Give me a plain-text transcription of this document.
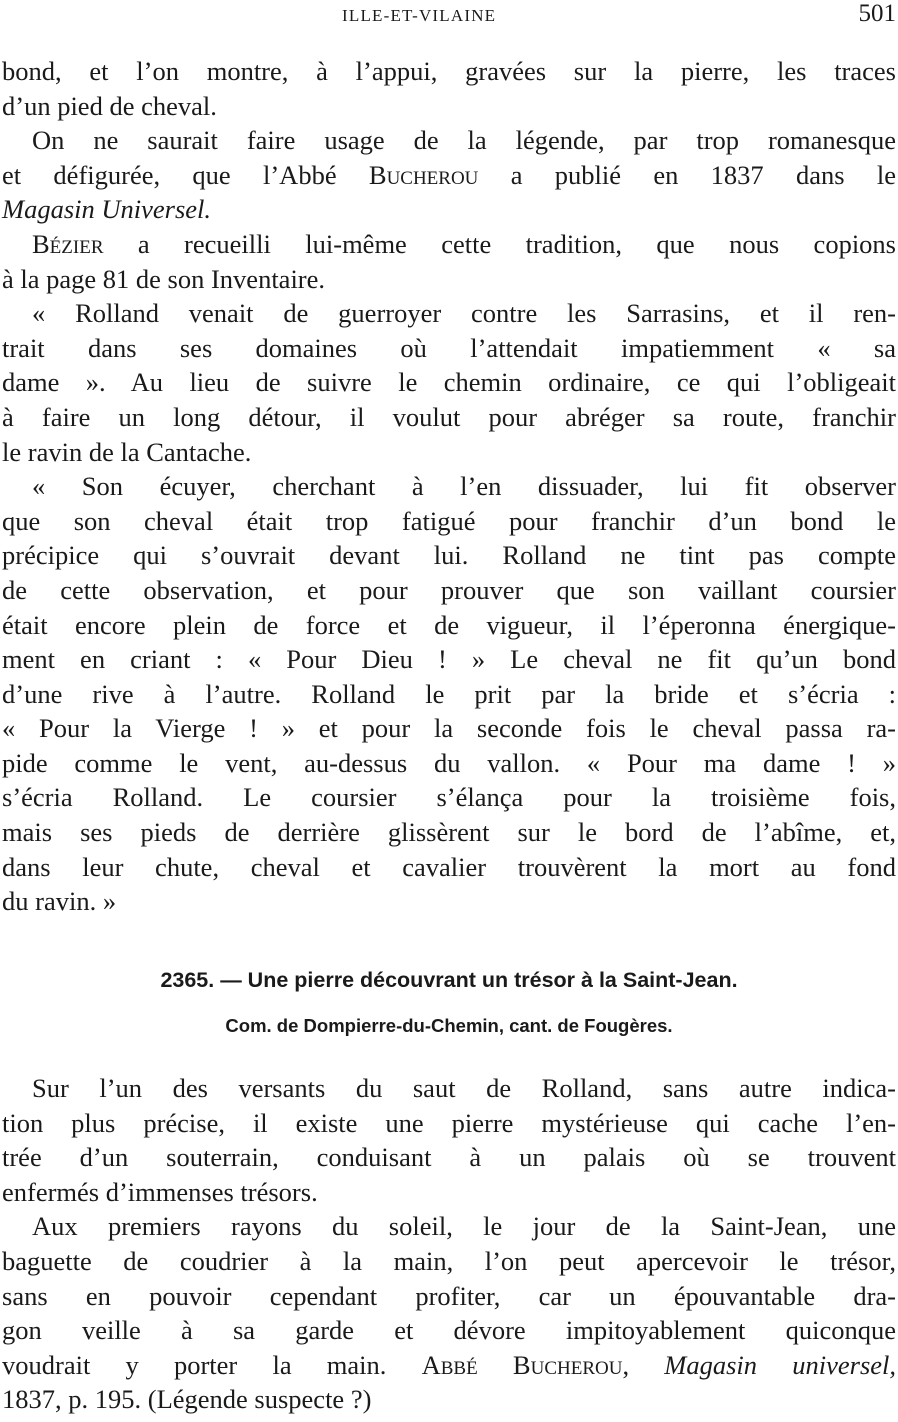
ILLE-ET-VILAINE	501
bond, et l’on montre, à l’appui, gravées sur la pierre, les traces
d’un pied de cheval.
On ne saurait faire usage de la légende, par trop romanesque
et défigurée, que l’Abbé Bucherou a publié en 1837 dans le
Magasin Universel.
Bézier a recueilli lui-même cette tradition, que nous copions
à la page 81 de son Inventaire.
« Rolland venait de guerroyer contre les Sarrasins, et il ren-
trait dans ses domaines où l’attendait impatiemment « sa
dame ». Au lieu de suivre le chemin ordinaire, ce qui l’obligeait
à faire un long détour, il voulut pour abréger sa route, franchir
le ravin de la Cantache.
« Son écuyer, cherchant à l’en dissuader, lui fit observer
que son cheval était trop fatigué pour franchir d’un bond le
précipice qui s’ouvrait devant lui. Rolland ne tint pas compte
de cette observation, et pour prouver que son vaillant coursier
était encore plein de force et de vigueur, il l’éperonna énergique-
ment en criant : « Pour Dieu ! » Le cheval ne fit qu’un bond
d’une rive à l’autre. Rolland le prit par la bride et s’écria :
« Pour la Vierge ! » et pour la seconde fois le cheval passa ra-
pide comme le vent, au-dessus du vallon. « Pour ma dame ! »
s’écria Rolland. Le coursier s’élança pour la troisième fois,
mais ses pieds de derrière glissèrent sur le bord de l’abîme, et,
dans leur chute, cheval et cavalier trouvèrent la mort au fond
du ravin. »
2365. — Une pierre découvrant un trésor à la Saint-Jean.
Com. de Dompierre-du-Chemin, cant. de Fougères.
Sur l’un des versants du saut de Rolland, sans autre indica-
tion plus précise, il existe une pierre mystérieuse qui cache l’en-
trée d’un souterrain, conduisant à un palais où se trouvent
enfermés d’immenses trésors.
Aux premiers rayons du soleil, le jour de la Saint-Jean, une
baguette de coudrier à la main, l’on peut apercevoir le trésor,
sans en pouvoir cependant profiter, car un épouvantable dra-
gon veille à sa garde et dévore impitoyablement quiconque
voudrait y porter la main. Abbé Bucherou, Magasin universel,
1837, p. 195. (Légende suspecte ?)
